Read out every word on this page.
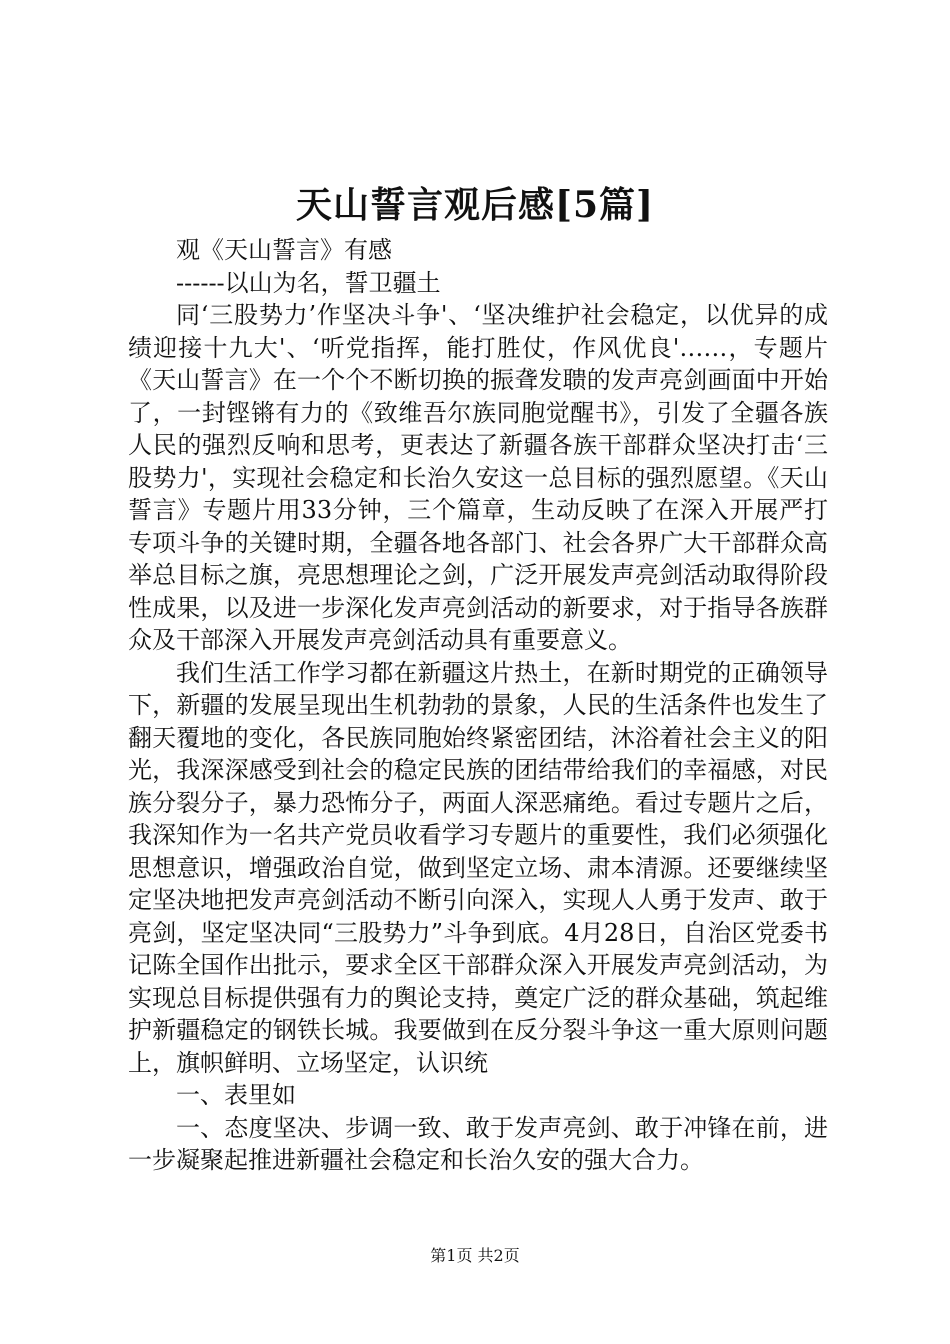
天山誓言观后感[5篇]

观《天山誓言》有感

------以山为名，誓卫疆土

同‘三股势力’作坚决斗争'、‘坚决维护社会稳定，以优异的成绩迎接十九大'、‘听党指挥，能打胜仗，作风优良'……，专题片《天山誓言》在一个个不断切换的振聋发聩的发声亮剑画面中开始了，一封铿锵有力的《致维吾尔族同胞觉醒书》，引发了全疆各族人民的强烈反响和思考，更表达了新疆各族干部群众坚决打击‘三股势力'，实现社会稳定和长治久安这一总目标的强烈愿望。《天山誓言》专题片用33分钟，三个篇章，生动反映了在深入开展严打专项斗争的关键时期，全疆各地各部门、社会各界广大干部群众高举总目标之旗，亮思想理论之剑，广泛开展发声亮剑活动取得阶段性成果，以及进一步深化发声亮剑活动的新要求，对于指导各族群众及干部深入开展发声亮剑活动具有重要意义。

我们生活工作学习都在新疆这片热土，在新时期党的正确领导下，新疆的发展呈现出生机勃勃的景象，人民的生活条件也发生了翻天覆地的变化，各民族同胞始终紧密团结，沐浴着社会主义的阳光，我深深感受到社会的稳定民族的团结带给我们的幸福感，对民族分裂分子，暴力恐怖分子，两面人深恶痛绝。看过专题片之后，我深知作为一名共产党员收看学习专题片的重要性，我们必须强化思想意识，增强政治自觉，做到坚定立场、肃本清源。还要继续坚定坚决地把发声亮剑活动不断引向深入，实现人人勇于发声、敢于亮剑，坚定坚决同“三股势力”斗争到底。4月28日，自治区党委书记陈全国作出批示，要求全区干部群众深入开展发声亮剑活动，为实现总目标提供强有力的舆论支持，奠定广泛的群众基础，筑起维护新疆稳定的钢铁长城。我要做到在反分裂斗争这一重大原则问题上，旗帜鲜明、立场坚定，认识统

一、表里如

一、态度坚决、步调一致、敢于发声亮剑、敢于冲锋在前，进一步凝聚起推进新疆社会稳定和长治久安的强大合力。

第1页 共2页
